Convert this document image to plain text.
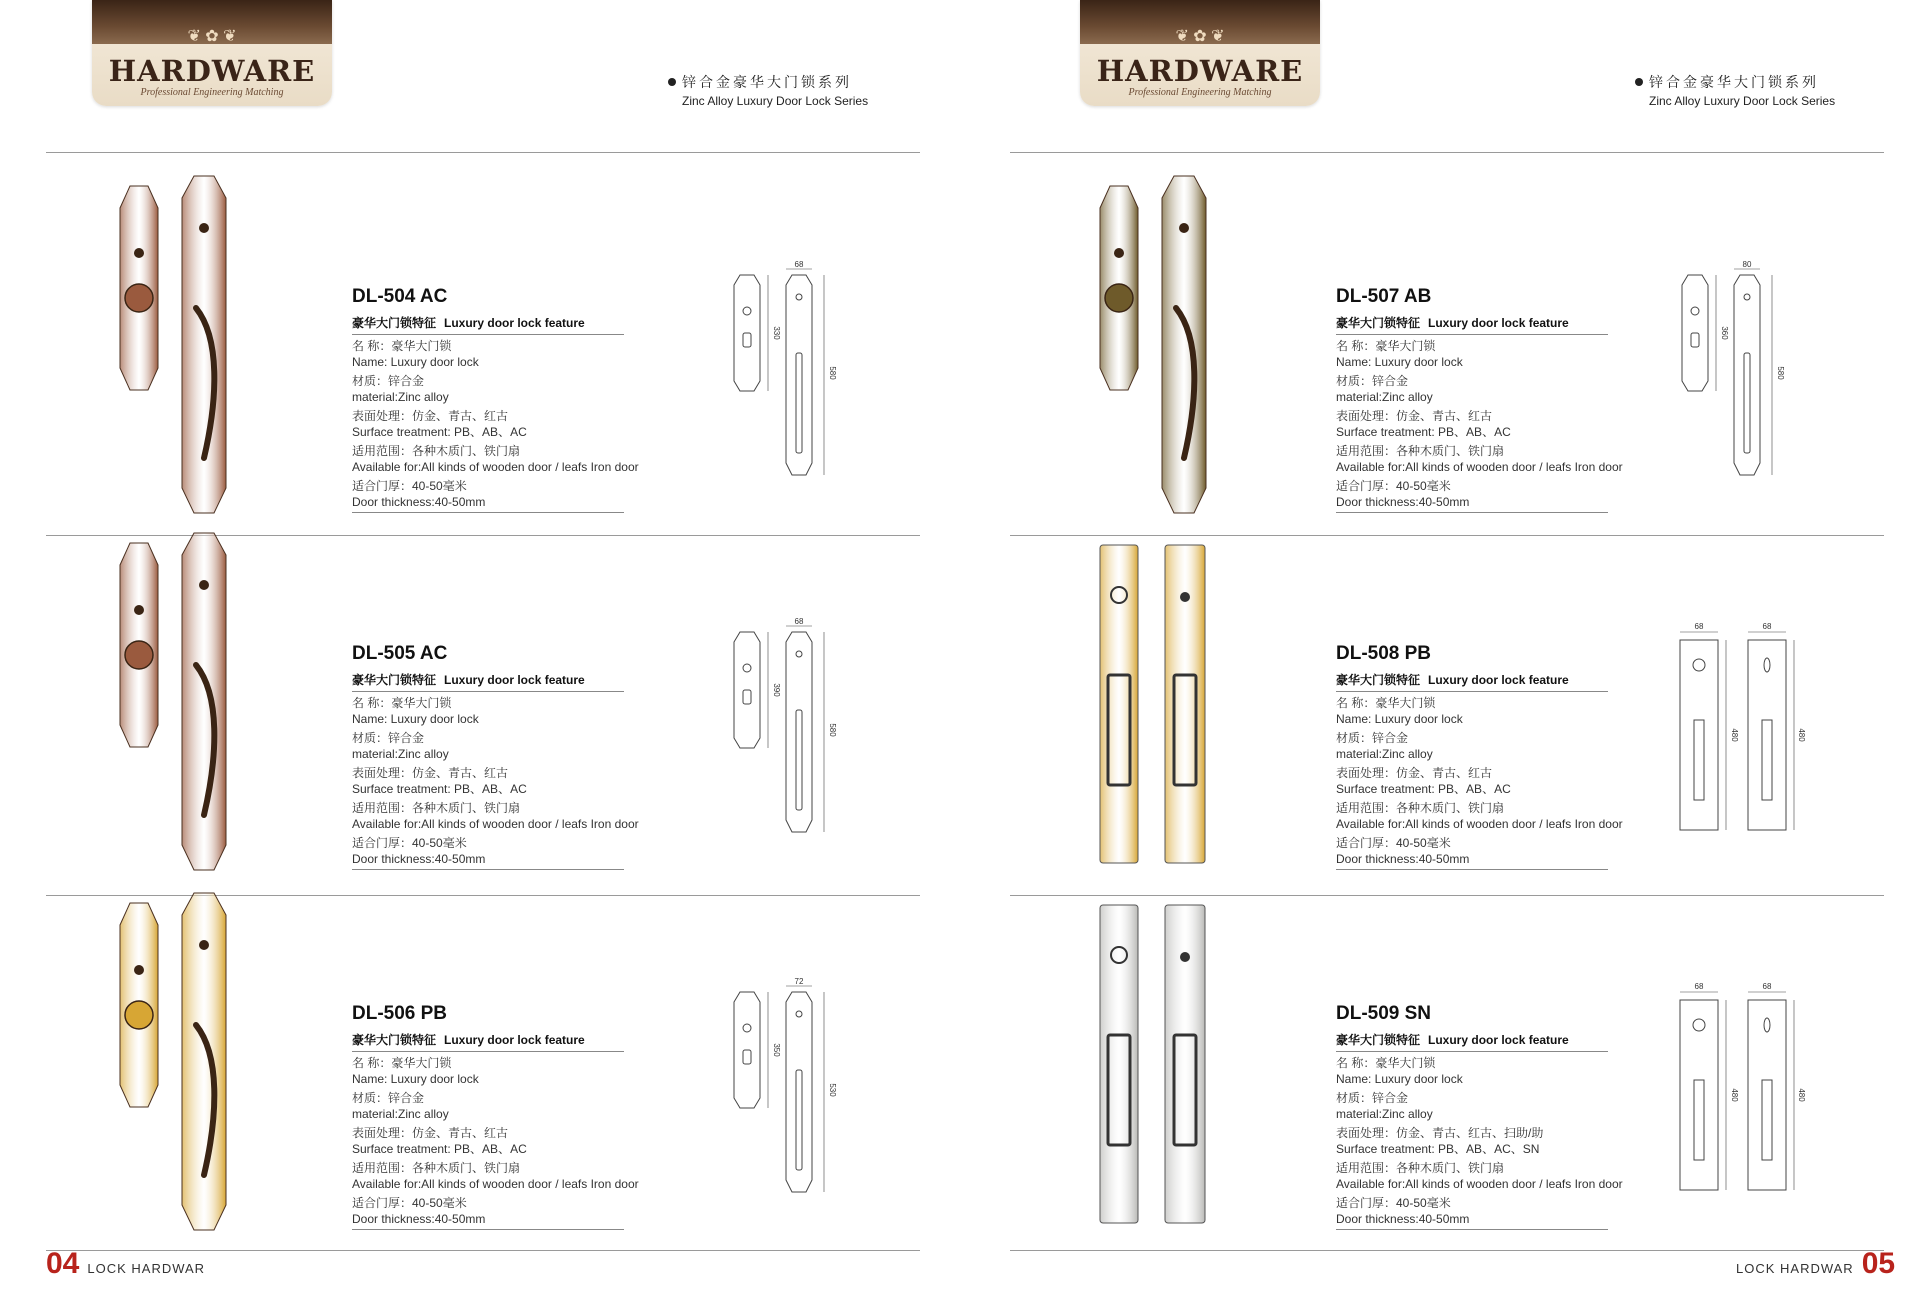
❦ ✿ ❦
HARDWARE
Professional Engineering Matching
锌合金豪华大门锁系列
Zinc Alloy Luxury Door Lock Series
DL-504 AC
豪华大门锁特征 Luxury door lock feature
名 称：豪华大门锁
Name: Luxury door lock
材质：锌合金
material:Zinc alloy
表面处理：仿金、青古、红古
Surface treatment: PB、AB、AC
适用范围：各种木质门、铁门扇
Available for:All kinds of wooden door / leafs Iron door
适合门厚：40-50毫米
Door thickness:40-50mm
68
330
580
DL-505 AC
豪华大门锁特征 Luxury door lock feature
名 称：豪华大门锁
Name: Luxury door lock
材质：锌合金
material:Zinc alloy
表面处理：仿金、青古、红古
Surface treatment: PB、AB、AC
适用范围：各种木质门、铁门扇
Available for:All kinds of wooden door / leafs Iron door
适合门厚：40-50毫米
Door thickness:40-50mm
68
390
580
DL-506 PB
豪华大门锁特征 Luxury door lock feature
名 称：豪华大门锁
Name: Luxury door lock
材质：锌合金
material:Zinc alloy
表面处理：仿金、青古、红古
Surface treatment: PB、AB、AC
适用范围：各种木质门、铁门扇
Available for:All kinds of wooden door / leafs Iron door
适合门厚：40-50毫米
Door thickness:40-50mm
72
350
530
04 LOCK HARDWAR
❦ ✿ ❦
HARDWARE
Professional Engineering Matching
锌合金豪华大门锁系列
Zinc Alloy Luxury Door Lock Series
DL-507 AB
豪华大门锁特征 Luxury door lock feature
名 称：豪华大门锁
Name: Luxury door lock
材质：锌合金
material:Zinc alloy
表面处理：仿金、青古、红古
Surface treatment: PB、AB、AC
适用范围：各种木质门、铁门扇
Available for:All kinds of wooden door / leafs Iron door
适合门厚：40-50毫米
Door thickness:40-50mm
80
360
580
DL-508 PB
豪华大门锁特征 Luxury door lock feature
名 称：豪华大门锁
Name: Luxury door lock
材质：锌合金
material:Zinc alloy
表面处理：仿金、青古、红古
Surface treatment: PB、AB、AC
适用范围：各种木质门、铁门扇
Available for:All kinds of wooden door / leafs Iron door
适合门厚：40-50毫米
Door thickness:40-50mm
68	68
480	480
DL-509 SN
豪华大门锁特征 Luxury door lock feature
名 称：豪华大门锁
Name: Luxury door lock
材质：锌合金
material:Zinc alloy
表面处理：仿金、青古、红古、扫助/助
Surface treatment: PB、AB、AC、SN
适用范围：各种木质门、铁门扇
Available for:All kinds of wooden door / leafs Iron door
适合门厚：40-50毫米
Door thickness:40-50mm
68	68
480	480
LOCK HARDWAR 05
